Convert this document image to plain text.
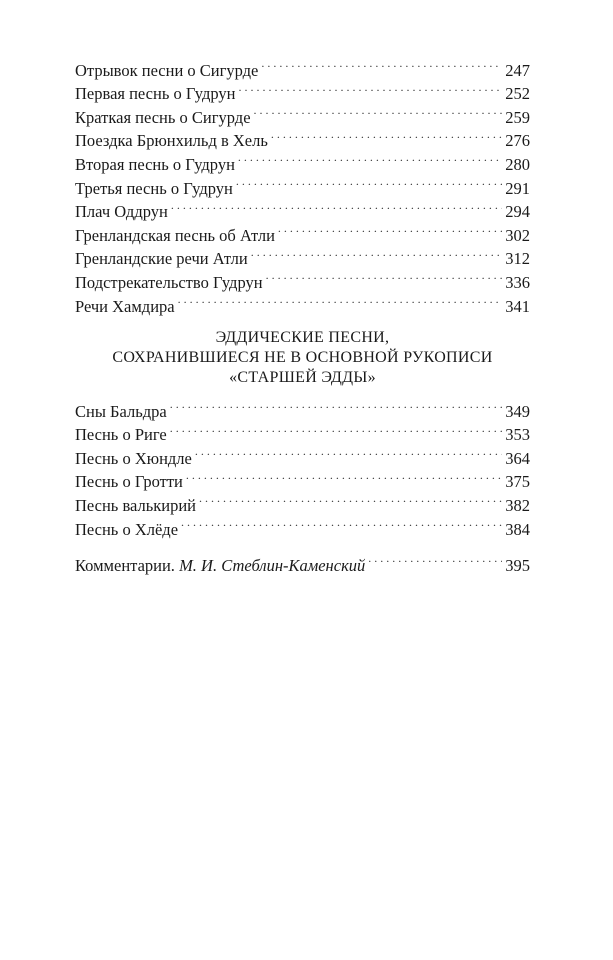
Отрывок песни о Сигурде . . .	247
Первая песнь о Гудрун . . .	252
Краткая песнь о Сигурде . . .	259
Поездка Брюнхильд в Хель . . .	276
Вторая песнь о Гудрун . . .	280
Третья песнь о Гудрун . . .	291
Плач Оддрун . . .	294
Гренландская песнь об Атли . . .	302
Гренландские речи Атли . . .	312
Подстрекательство Гудрун . . .	336
Речи Хамдира . . .	341
ЭДДИЧЕСКИЕ ПЕСНИ,
СОХРАНИВШИЕСЯ НЕ В ОСНОВНОЙ РУКОПИСИ
«СТАРШЕЙ ЭДДЫ»
Сны Бальдра . . .	349
Песнь о Риге . . .	353
Песнь о Хюндле . . .	364
Песнь о Гротти . . .	375
Песнь валькирий . . .	382
Песнь о Хлёде . . .	384
Комментарии. М. И. Стеблин-Каменский . . .	395
